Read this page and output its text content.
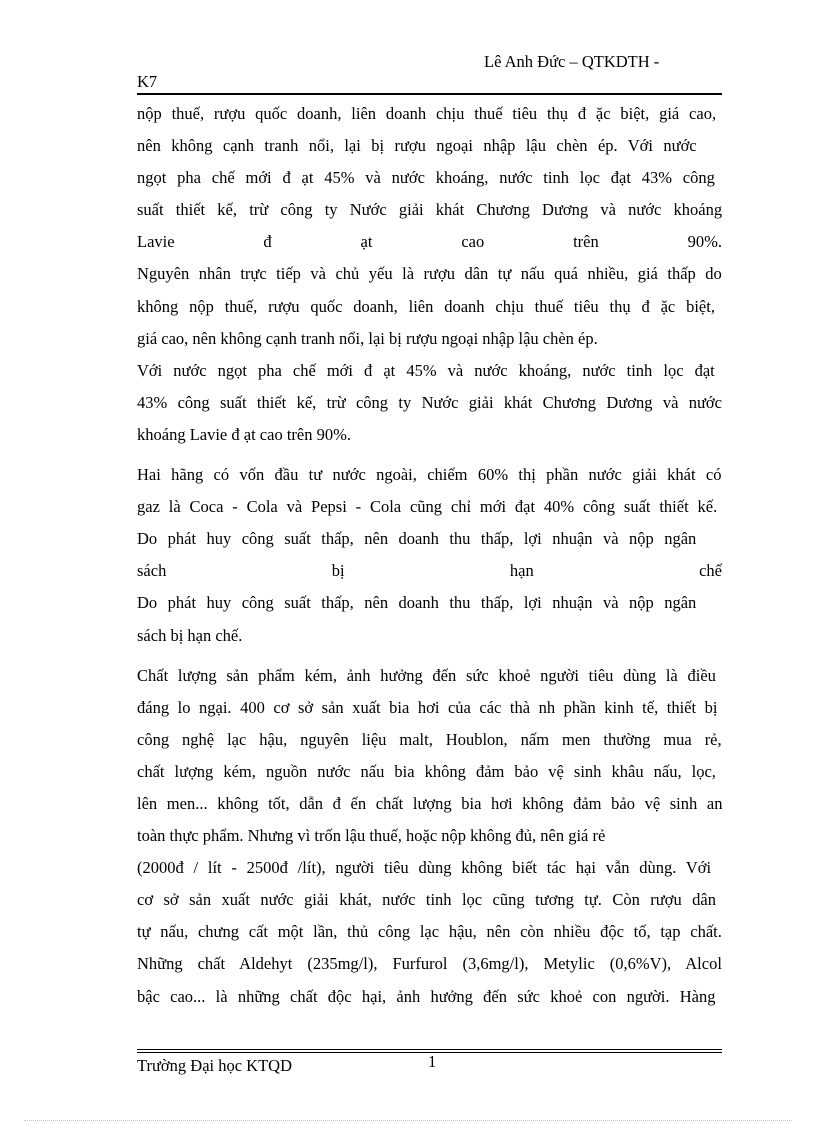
Lê Anh Đức – QTKDTH -
K7
nộp thuế, rượu quốc doanh, liên doanh chịu thuế tiêu thụ đ ặc biệt, giá cao,
nên không cạnh tranh nổi, lại bị rượu ngoại nhập lậu chèn ép. Với nước
ngọt pha chế mới đ ạt 45% và nước khoáng, nước tinh lọc đạt 43% công
suất thiết kế, trừ công ty Nước giải khát Chương Dương và nước khoáng
Lavie	đ	ạt	cao	trên	90%.
Nguyên nhân trực tiếp và chủ yếu là rượu dân tự nấu quá nhiều, giá thấp do
không nộp thuế, rượu quốc doanh, liên doanh chịu thuế tiêu thụ đ ặc biệt,
giá cao, nên không cạnh tranh nổi, lại bị rượu ngoại nhập lậu chèn ép.
Với nước ngọt pha chế mới đ ạt 45% và nước khoáng, nước tinh lọc đạt
43% công suất thiết kế, trừ công ty Nước giải khát Chương Dương và nước
khoáng Lavie đ ạt cao trên 90%.
Hai hãng có vốn đầu tư nước ngoài, chiếm 60% thị phần nước giải khát có
gaz là Coca - Cola và Pepsi - Cola cũng chỉ mới đạt 40% công suất thiết kế.
Do phát huy công suất thấp, nên doanh thu thấp, lợi nhuận và nộp ngân
sách	bị	hạn	chế
Do phát huy công suất thấp, nên doanh thu thấp, lợi nhuận và nộp ngân
sách bị hạn chế.
Chất lượng sản phẩm kém, ảnh hưởng đến sức khoẻ người tiêu dùng là điều
đáng lo ngại. 400 cơ sở sản xuất bia hơi của các thà nh phần kinh tế, thiết bị
công nghệ lạc hậu, nguyên liệu malt, Houblon, nấm men thường mua rẻ,
chất lượng kém, nguồn nước nấu bia không đảm bảo vệ sinh khâu nấu, lọc,
lên men... không tốt, dẫn đ ến chất lượng bia hơi không đảm bảo vệ sinh an
toàn thực phẩm. Nhưng vì trốn lậu thuế, hoặc nộp không đủ, nên giá rẻ
(2000đ / lít - 2500đ /lít), người tiêu dùng không biết tác hại vẫn dùng. Với
cơ sở sản xuất nước giải khát, nước tinh lọc cũng tương tự. Còn rượu dân
tự nấu, chưng cất một lần, thủ công lạc hậu, nên còn nhiều độc tố, tạp chất.
Những chất Aldehyt (235mg/l), Furfurol (3,6mg/l), Metylic (0,6%V), Alcol
bậc cao... là những chất độc hại, ảnh hưởng đến sức khoẻ con người. Hàng
Trường Đại học KTQD	1
